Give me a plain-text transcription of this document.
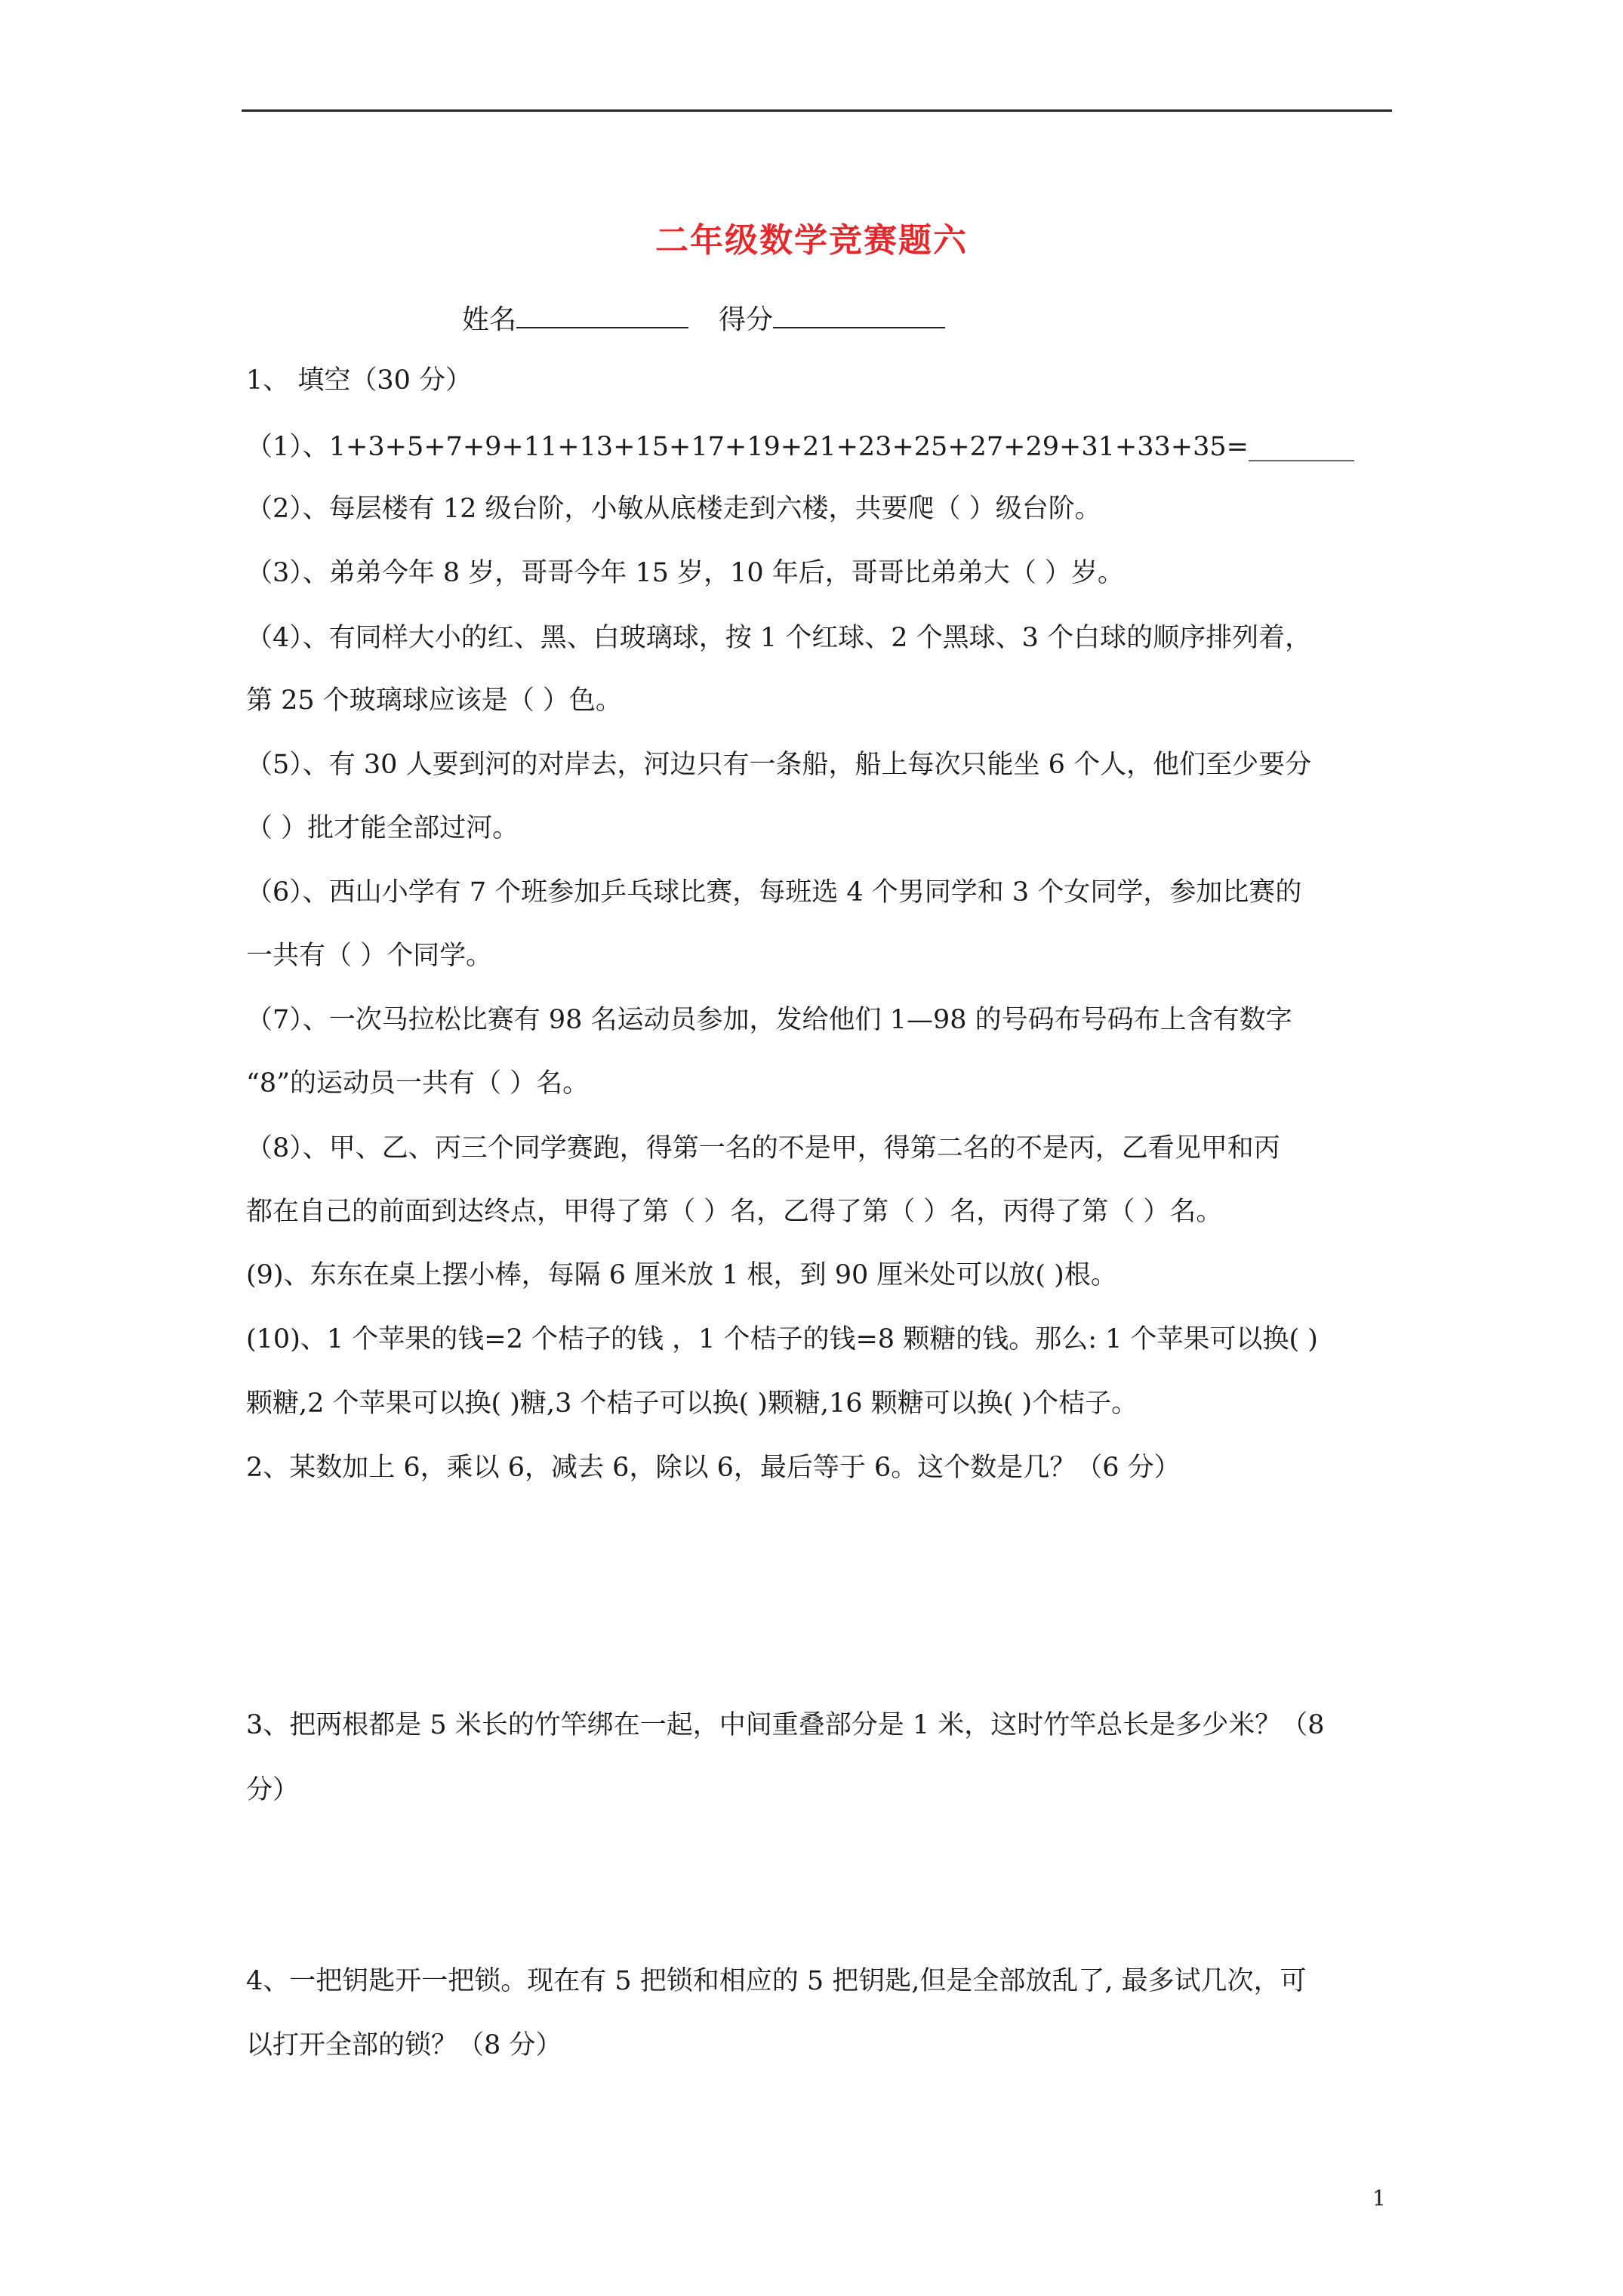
二年级数学竞赛题六
姓名	得分
1、 填空（30 分）
（1）、1+3+5+7+9+11+13+15+17+19+21+23+25+27+29+31+33+35=________
（2）、每层楼有 12 级台阶，小敏从底楼走到六楼，共要爬（ ）级台阶。
（3）、弟弟今年 8 岁，哥哥今年 15 岁，10 年后，哥哥比弟弟大（ ）岁。
（4）、有同样大小的红、黑、白玻璃球，按 1 个红球、2 个黑球、3 个白球的顺序排列着，
第 25 个玻璃球应该是（ ）色。
（5）、有 30 人要到河的对岸去，河边只有一条船，船上每次只能坐 6 个人，他们至少要分
（ ）批才能全部过河。
（6）、西山小学有 7 个班参加乒乓球比赛，每班选 4 个男同学和 3 个女同学，参加比赛的
一共有（ ）个同学。
（7）、一次马拉松比赛有 98 名运动员参加，发给他们 1—98 的号码布号码布上含有数字
“8”的运动员一共有（ ）名。
（8）、甲、乙、丙三个同学赛跑，得第一名的不是甲，得第二名的不是丙，乙看见甲和丙
都在自己的前面到达终点，甲得了第（ ）名，乙得了第（ ）名，丙得了第（ ）名。
(9)、东东在桌上摆小棒，每隔 6 厘米放 1 根，到 90 厘米处可以放( )根。
(10)、1 个苹果的钱=2 个桔子的钱 ，1 个桔子的钱=8 颗糖的钱。那么: 1 个苹果可以换( )
颗糖,2 个苹果可以换( )糖,3 个桔子可以换( )颗糖,16 颗糖可以换( )个桔子。
2、某数加上 6，乘以 6，减去 6，除以 6，最后等于 6。这个数是几？（6 分）
3、把两根都是 5 米长的竹竿绑在一起，中间重叠部分是 1 米，这时竹竿总长是多少米？（8
分）
4、一把钥匙开一把锁。现在有 5 把锁和相应的 5 把钥匙,但是全部放乱了, 最多试几次，可
以打开全部的锁？（8 分）
1
